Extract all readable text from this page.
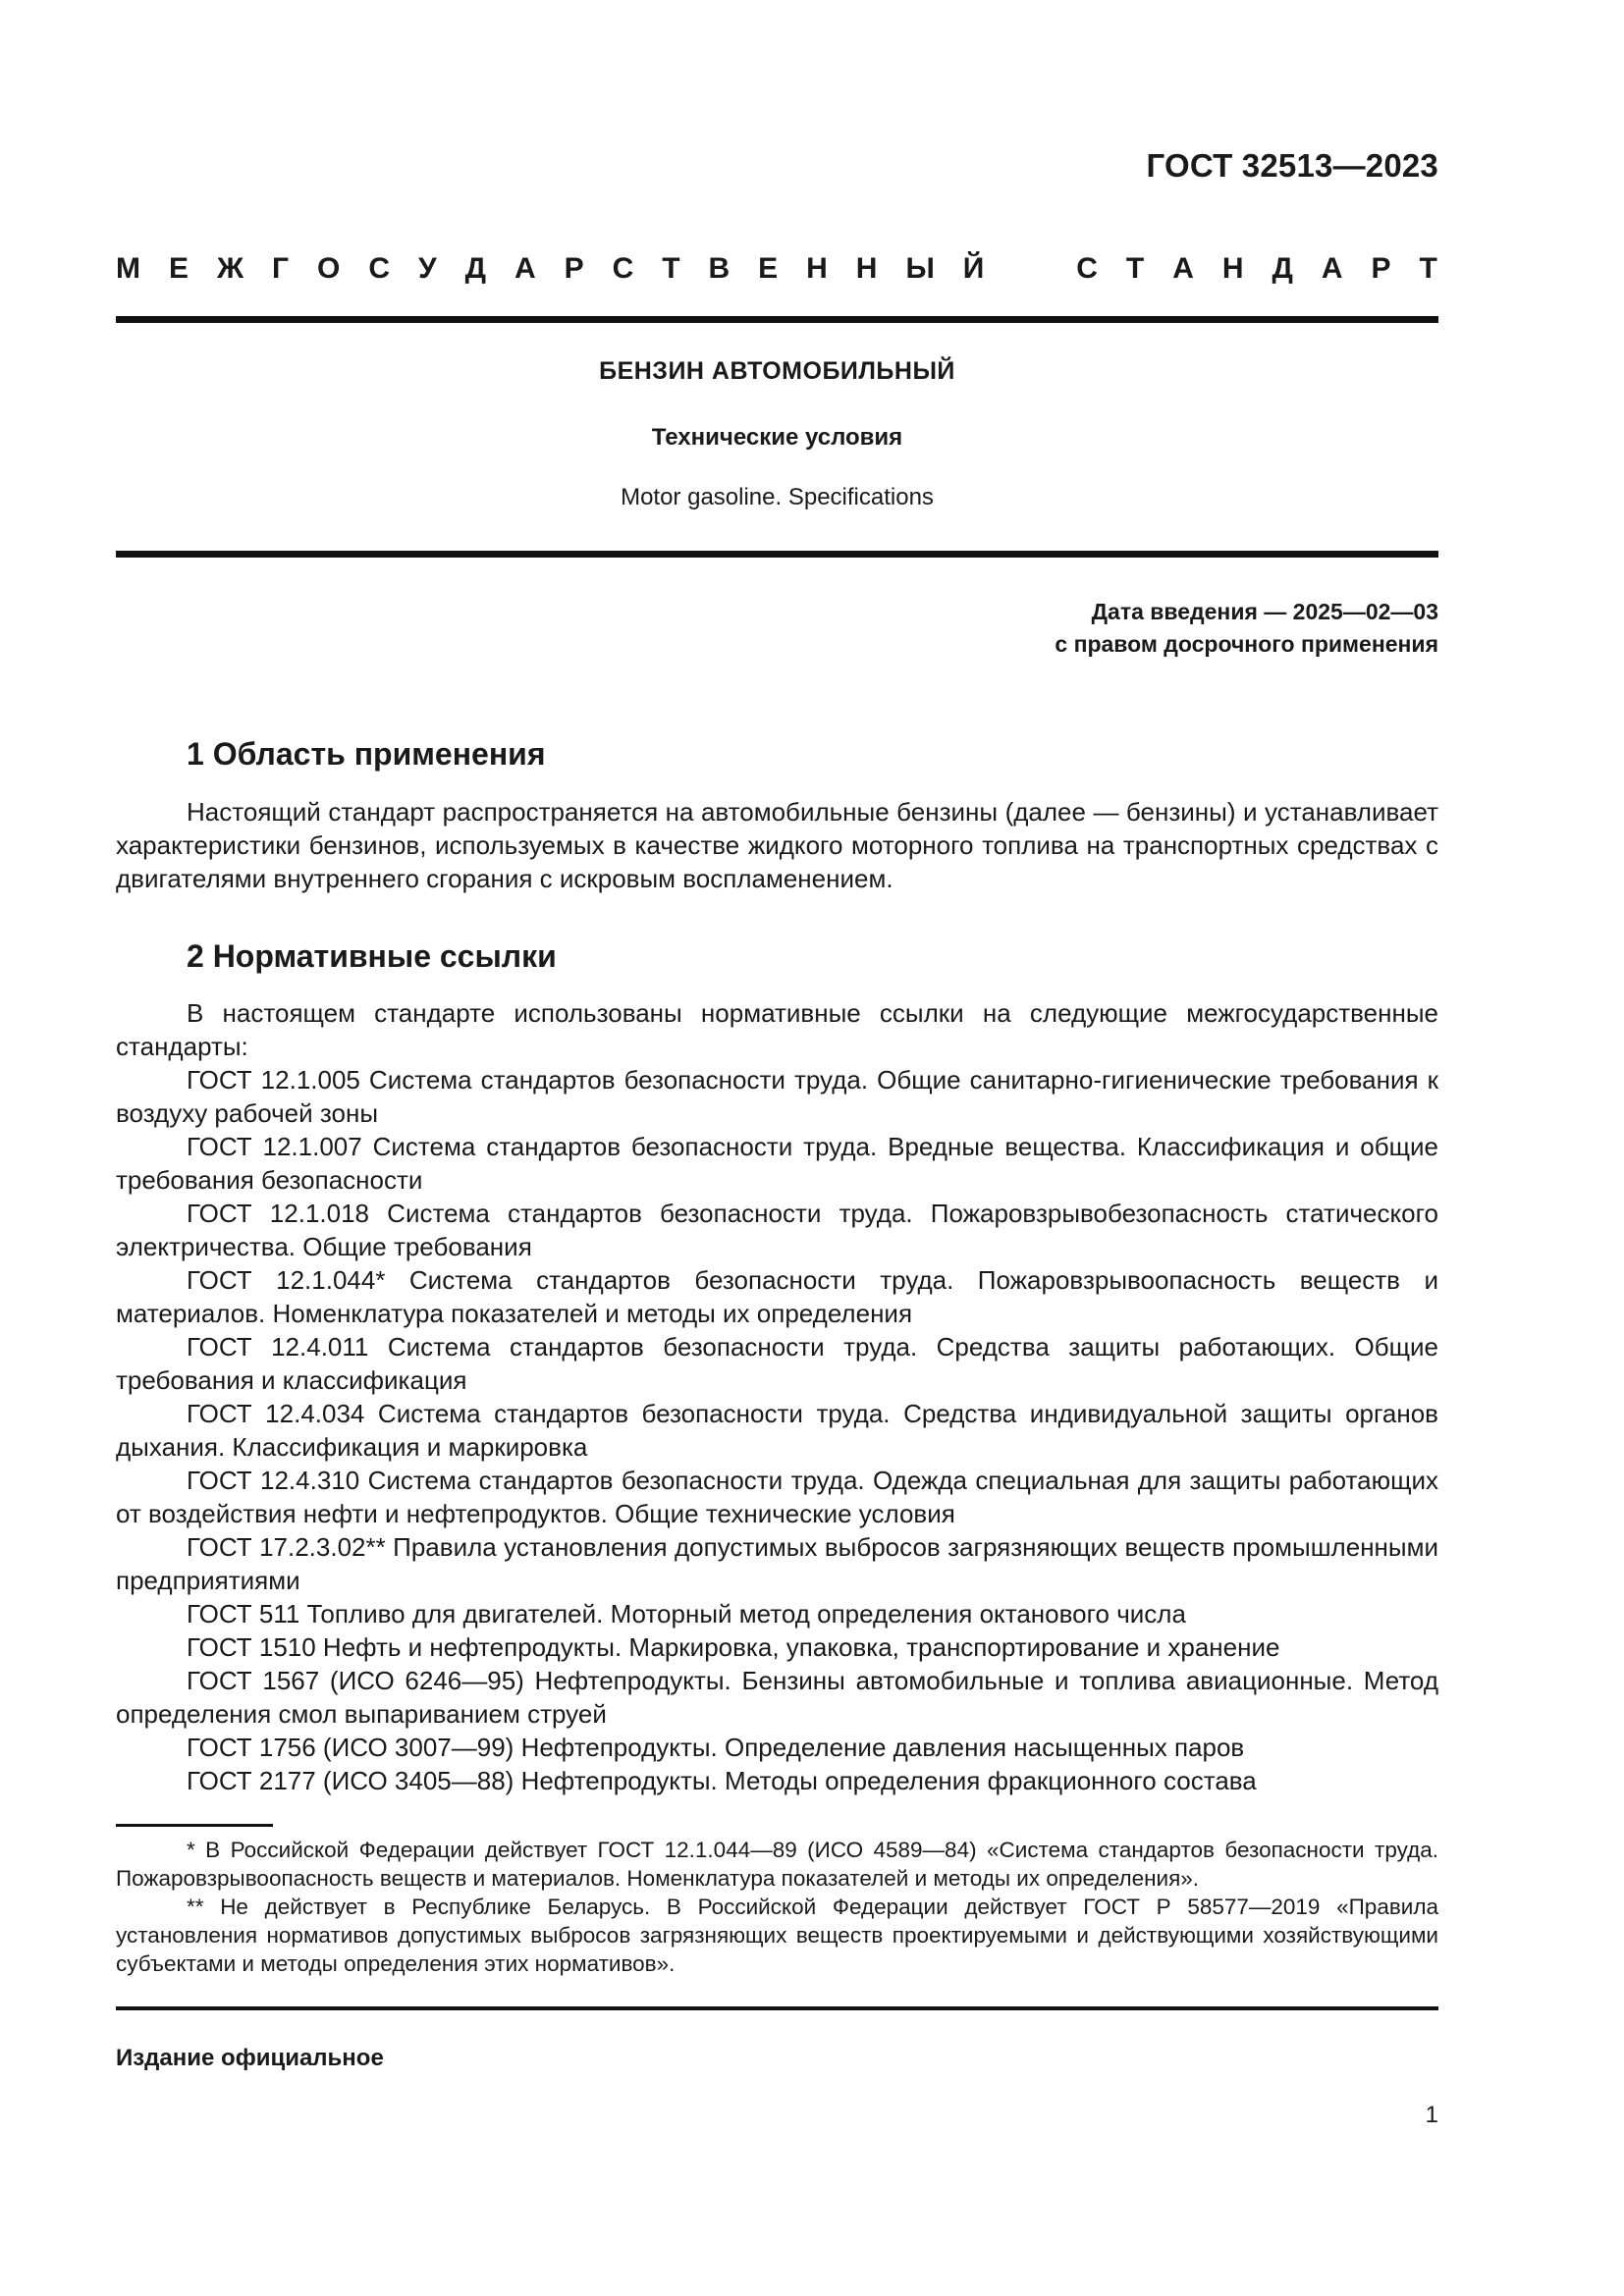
ГОСТ 32513—2023
М Е Ж Г О С У Д А Р С Т В Е Н Н Ы Й	С Т А Н Д А Р Т
БЕНЗИН АВТОМОБИЛЬНЫЙ
Технические условия
Motor gasoline. Specifications
Дата введения — 2025—02—03
с правом досрочного применения
1 Область применения

Настоящий стандарт распространяется на автомобильные бензины (далее — бензины) и устанавливает характеристики бензинов, используемых в качестве жидкого моторного топлива на транспортных средствах с двигателями внутреннего сгорания с искровым воспламенением.

2 Нормативные ссылки

В настоящем стандарте использованы нормативные ссылки на следующие межгосударственные стандарты:

ГОСТ 12.1.005 Система стандартов безопасности труда. Общие санитарно-гигиенические требования к воздуху рабочей зоны

ГОСТ 12.1.007 Система стандартов безопасности труда. Вредные вещества. Классификация и общие требования безопасности

ГОСТ 12.1.018 Система стандартов безопасности труда. Пожаровзрывобезопасность статического электричества. Общие требования

ГОСТ 12.1.044* Система стандартов безопасности труда. Пожаровзрывоопасность веществ и материалов. Номенклатура показателей и методы их определения

ГОСТ 12.4.011 Система стандартов безопасности труда. Средства защиты работающих. Общие требования и классификация

ГОСТ 12.4.034 Система стандартов безопасности труда. Средства индивидуальной защиты органов дыхания. Классификация и маркировка

ГОСТ 12.4.310 Система стандартов безопасности труда. Одежда специальная для защиты работающих от воздействия нефти и нефтепродуктов. Общие технические условия

ГОСТ 17.2.3.02** Правила установления допустимых выбросов загрязняющих веществ промышленными предприятиями

ГОСТ 511 Топливо для двигателей. Моторный метод определения октанового числа

ГОСТ 1510 Нефть и нефтепродукты. Маркировка, упаковка, транспортирование и хранение

ГОСТ 1567 (ИСО 6246—95) Нефтепродукты. Бензины автомобильные и топлива авиационные. Метод определения смол выпариванием струей

ГОСТ 1756 (ИСО 3007—99) Нефтепродукты. Определение давления насыщенных паров

ГОСТ 2177 (ИСО 3405—88) Нефтепродукты. Методы определения фракционного состава

* В Российской Федерации действует ГОСТ 12.1.044—89 (ИСО 4589—84) «Система стандартов безопасности труда. Пожаровзрывоопасность веществ и материалов. Номенклатура показателей и методы их определения».

** Не действует в Республике Беларусь. В Российской Федерации действует ГОСТ Р 58577—2019 «Правила установления нормативов допустимых выбросов загрязняющих веществ проектируемыми и действующими хозяйствующими субъектами и методы определения этих нормативов».

Издание официальное
1
